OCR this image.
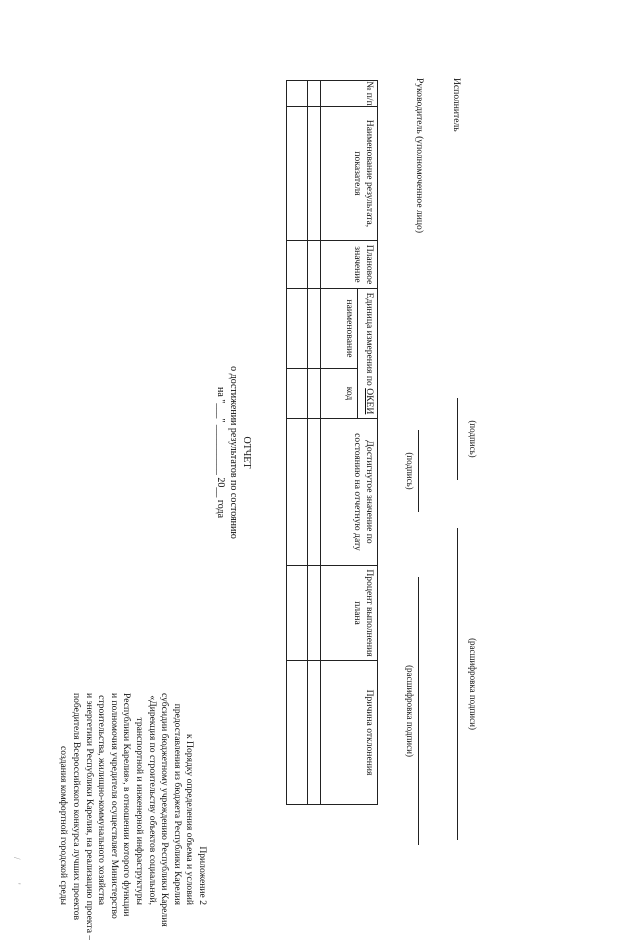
'
/	Приложение 2
к Порядку определения объема и условий
предоставления из бюджета Республики Карелия
субсидии бюджетному учреждению Республики Карелия
«Дирекция по строительству объектов социальной,
транспортной и инженерной инфраструктуры
Республики Карелия», в отношении которого функции
и полномочия учредителя осуществляет Министерство
строительства, жилищно-коммунального хозяйства
и энергетики Республики Карелия, на реализацию проекта –
победителя Всероссийского конкурса лучших проектов
создания комфортной городской среды
ОТЧЕТ
о достижении результатов по состоянию
на "___" __________ 20__ года
№ п/п	Наименование результата, показателя	Плановое значение	Единица измерения по ОКЕИ		Достигнутое значение по состоянию на отчетную дату	Процент выполнения плана	Причина отклонения
			наименование	код			

Руководитель (уполномоченное лицо)
(подпись)
(расшифровка подписи)
Исполнитель
(подпись)
(расшифровка подписи)
